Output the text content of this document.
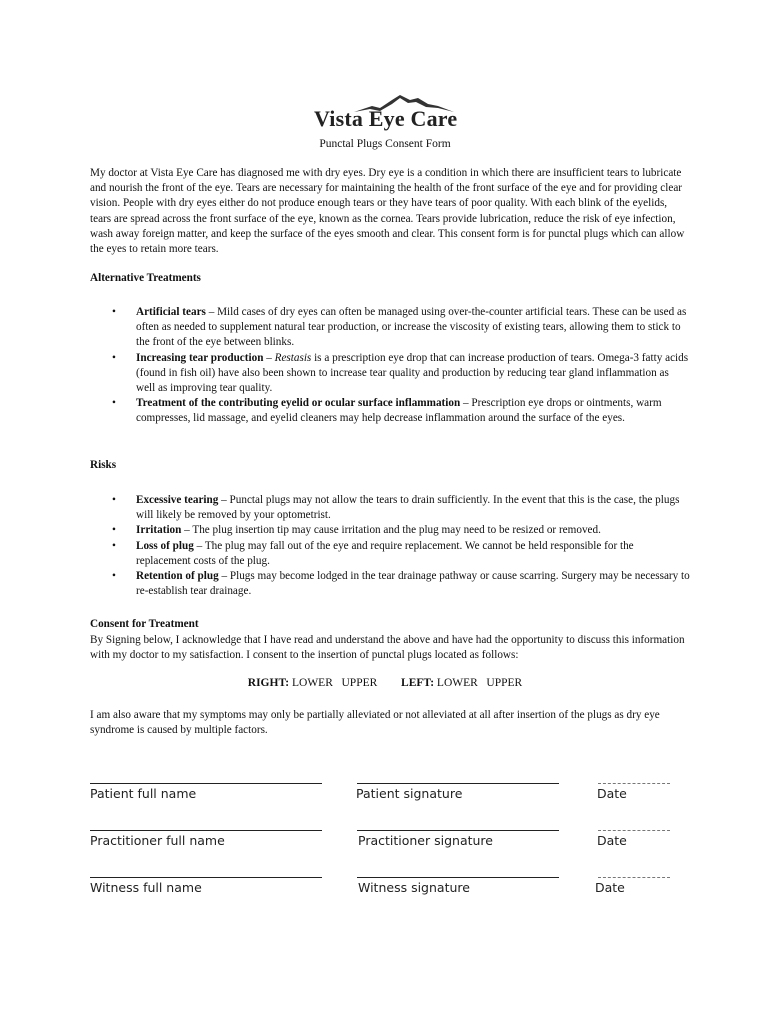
Vista Eye Care
Punctal Plugs Consent Form

My doctor at Vista Eye Care has diagnosed me with dry eyes. Dry eye is a condition in which there are insufficient tears to lubricate and nourish the front of the eye. Tears are necessary for maintaining the health of the front surface of the eye and for providing clear vision. People with dry eyes either do not produce enough tears or they have tears of poor quality. With each blink of the eyelids, tears are spread across the front surface of the eye, known as the cornea. Tears provide lubrication, reduce the risk of eye infection, wash away foreign matter, and keep the surface of the eyes smooth and clear. This consent form is for punctal plugs which can allow the eyes to retain more tears.

Alternative Treatments

• Artificial tears – Mild cases of dry eyes can often be managed using over-the-counter artificial tears. These can be used as often as needed to supplement natural tear production, or increase the viscosity of existing tears, allowing them to stick to the front of the eye between blinks.
• Increasing tear production – Restasis is a prescription eye drop that can increase production of tears. Omega-3 fatty acids (found in fish oil) have also been shown to increase tear quality and production by reducing tear gland inflammation as well as improving tear quality.
• Treatment of the contributing eyelid or ocular surface inflammation – Prescription eye drops or ointments, warm compresses, lid massage, and eyelid cleaners may help decrease inflammation around the surface of the eyes.

Risks

• Excessive tearing – Punctal plugs may not allow the tears to drain sufficiently. In the event that this is the case, the plugs will likely be removed by your optometrist.
• Irritation – The plug insertion tip may cause irritation and the plug may need to be resized or removed.
• Loss of plug – The plug may fall out of the eye and require replacement. We cannot be held responsible for the replacement costs of the plug.
• Retention of plug – Plugs may become lodged in the tear drainage pathway or cause scarring. Surgery may be necessary to re-establish tear drainage.

Consent for Treatment

By Signing below, I acknowledge that I have read and understand the above and have had the opportunity to discuss this information with my doctor to my satisfaction. I consent to the insertion of punctal plugs located as follows:

RIGHT: LOWER   UPPER LEFT: LOWER   UPPER

I am also aware that my symptoms may only be partially alleviated or not alleviated at all after insertion of the plugs as dry eye syndrome is caused by multiple factors.

Patient full name	Patient signature	Date
Practitioner full name	Practitioner signature	Date
Witness full name	Witness signature	Date
